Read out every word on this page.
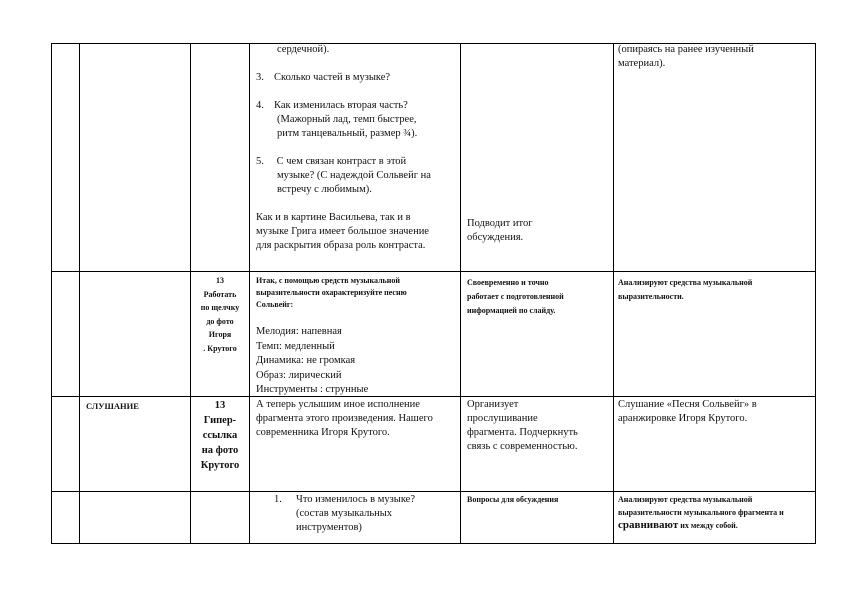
сердечной).

3. Сколько частей в музыке?

4. Как изменилась вторая часть?
(Мажорный лад, темп быстрее,
ритм танцевальный, размер ¾).

5. С чем связан контраст в этой
музыке? (С надеждой Сольвейг на
встречу с любимым).

Как и в картине Васильева, так и в
музыке Грига имеет большое значение
для раскрытия образа роль контраста.

Подводит итог
обсуждения.
(опираясь на ранее изученный
материал).
13
Работать
по щелчку
до фото
Игоря
. Крутого
Итак, с помощью средств музыкальной
выразительности охарактеризуйте песню
Сольвейг:
Мелодия: напевная
Темп: медленный
Динамика: не громкая
Образ: лирический
Инструменты : струнные
Своевременно и точно
работает с подготовленной
информацией по слайду.
Анализируют средства музыкальной
выразительности.
СЛУШАНИЕ	13
Гипер-
ссылка
на фото
Крутого
А теперь услышим иное исполнение
фрагмента этого произведения. Нашего
современника Игоря Крутого.
Организует
прослушивание
фрагмента. Подчеркнуть
связь с современностью.
Слушание «Песня Сольвейг» в
аранжировке Игоря Крутого.
1. Что изменилось в музыке?
(состав музыкальных
инструментов)
Вопросы для обсуждения	Анализируют средства музыкальной
выразительности музыкального фрагмента и
сравнивают их между собой.
